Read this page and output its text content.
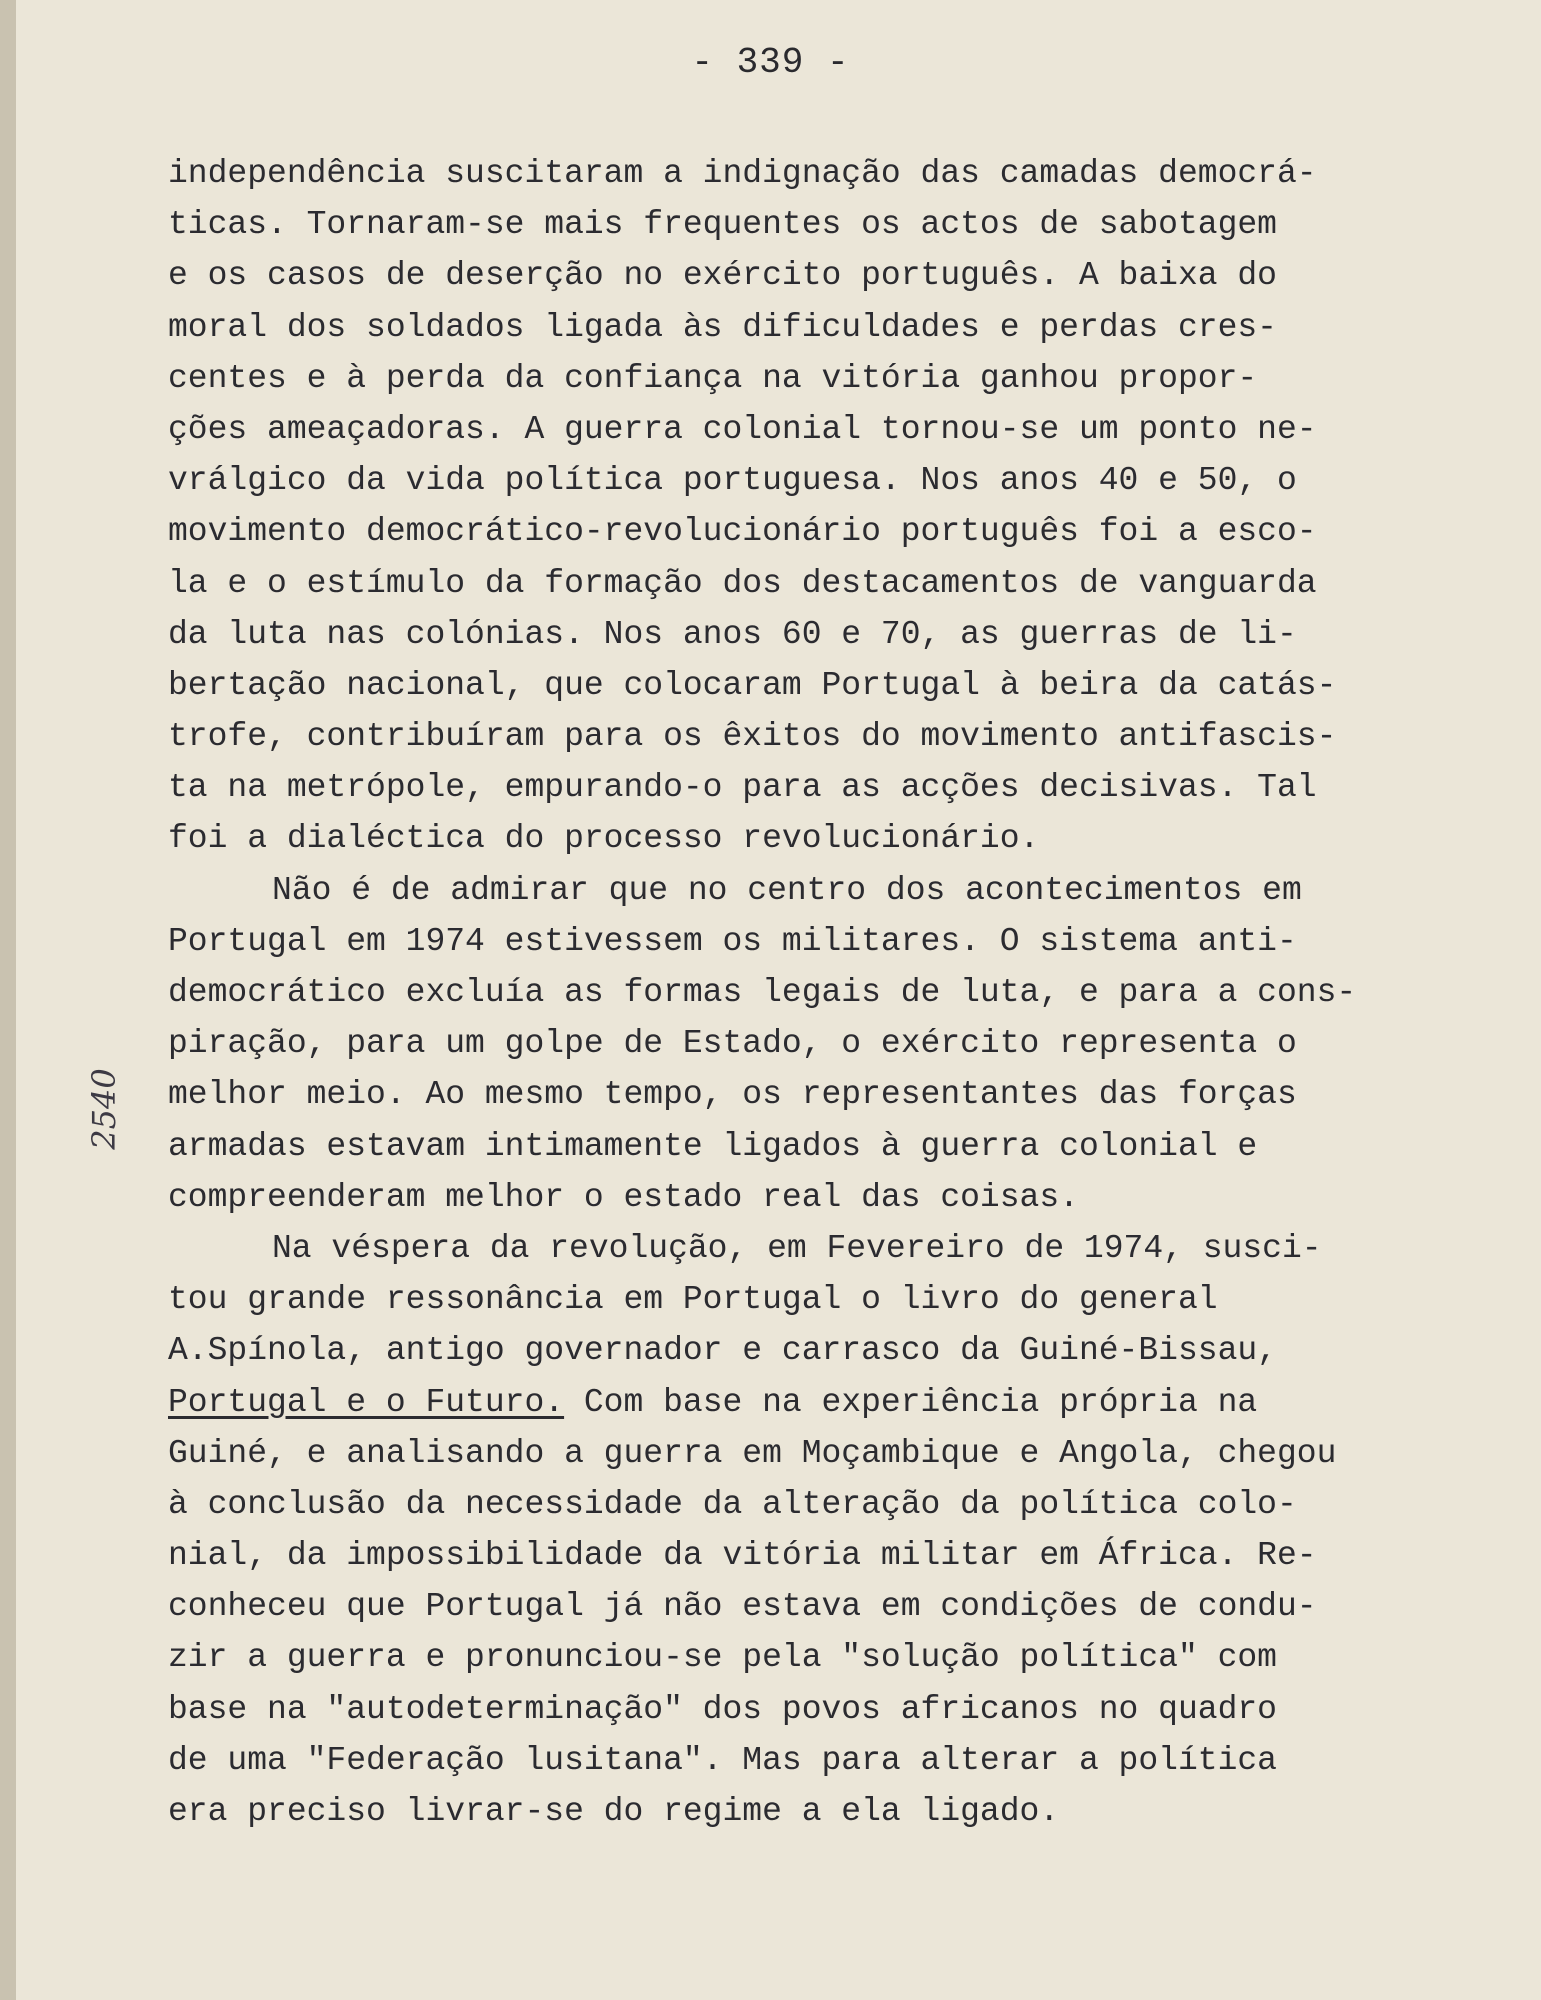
- 339 -
2540
independência suscitaram a indignação das camadas democrá-
ticas. Tornaram-se mais frequentes os actos de sabotagem
e os casos de deserção no exército português. A baixa do
moral dos soldados ligada às dificuldades e perdas cres-
centes e à perda da confiança na vitória ganhou propor-
ções ameaçadoras. A guerra colonial tornou-se um ponto ne-
vrálgico da vida política portuguesa. Nos anos 40 e 50, o
movimento democrático-revolucionário português foi a esco-
la e o estímulo da formação dos destacamentos de vanguarda
da luta nas colónias. Nos anos 60 e 70, as guerras de li-
bertação nacional, que colocaram Portugal à beira da catás-
trofe, contribuíram para os êxitos do movimento antifascis-
ta na metrópole, empurando-o para as acções decisivas. Tal
foi a dialéctica do processo revolucionário.
Não é de admirar que no centro dos acontecimentos em
Portugal em 1974 estivessem os militares. O sistema anti-
democrático excluía as formas legais de luta, e para a cons-
piração, para um golpe de Estado, o exército representa o
melhor meio. Ao mesmo tempo, os representantes das forças
armadas estavam intimamente ligados à guerra colonial e
compreenderam melhor o estado real das coisas.
Na véspera da revolução, em Fevereiro de 1974, susci-
tou grande ressonância em Portugal o livro do general
A.Spínola, antigo governador e carrasco da Guiné-Bissau,
Portugal e o Futuro. Com base na experiência própria na
Guiné, e analisando a guerra em Moçambique e Angola, chegou
à conclusão da necessidade da alteração da política colo-
nial, da impossibilidade da vitória militar em África. Re-
conheceu que Portugal já não estava em condições de condu-
zir a guerra e pronunciou-se pela "solução política" com
base na "autodeterminação" dos povos africanos no quadro
de uma "Federação lusitana". Mas para alterar a política
era preciso livrar-se do regime a ela ligado.
